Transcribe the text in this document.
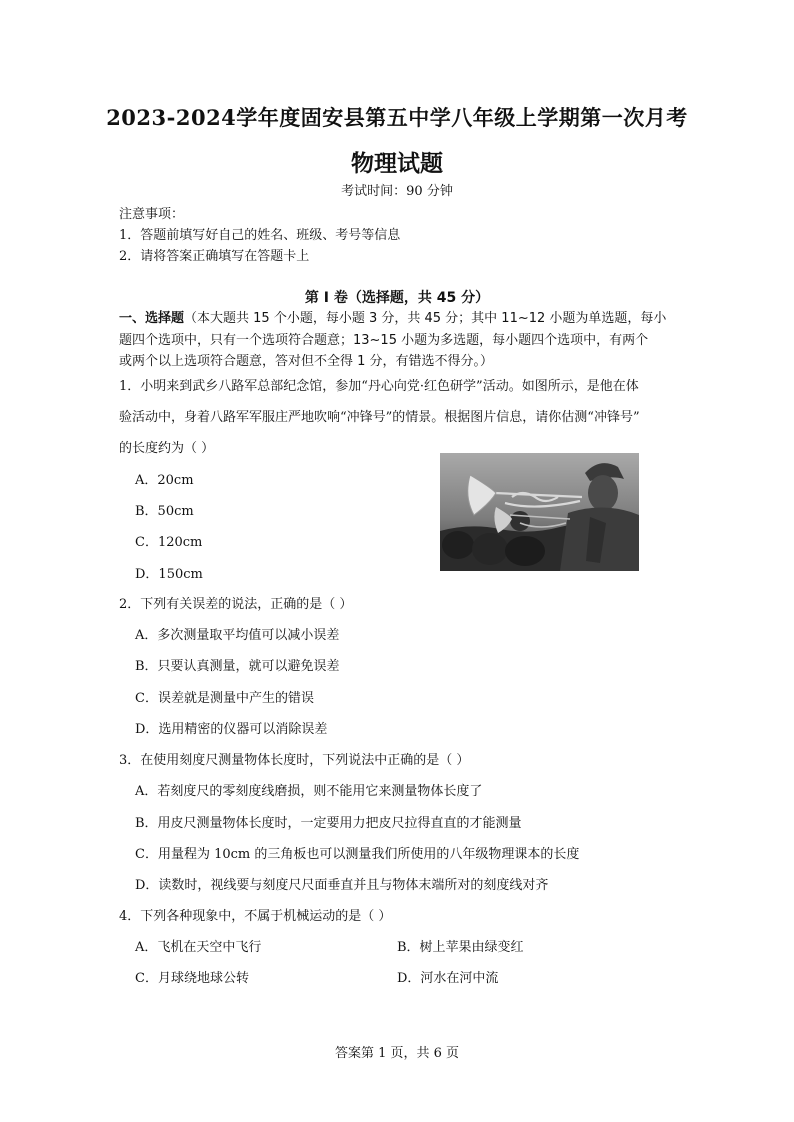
2023-2024学年度固安县第五中学八年级上学期第一次月考
物理试题
考试时间：90 分钟
注意事项：
1．答题前填写好自己的姓名、班级、考号等信息
2．请将答案正确填写在答题卡上
第 I 卷（选择题，共 45 分）
一、选择题（本大题共 15 个小题，每小题 3 分，共 45 分；其中 11~12 小题为单选题，每小
题四个选项中，只有一个选项符合题意；13~15 小题为多选题，每小题四个选项中，有两个
或两个以上选项符合题意，答对但不全得 1 分，有错选不得分。）
1．小明来到武乡八路军总部纪念馆，参加“丹心向党·红色研学”活动。如图所示，是他在体
验活动中，身着八路军军服庄严地吹响“冲锋号”的情景。根据图片信息，请你估测“冲锋号”
的长度约为（ ）
A．20cm
B．50cm
C．120cm
D．150cm
2．下列有关误差的说法，正确的是（ ）
A．多次测量取平均值可以减小误差
B．只要认真测量，就可以避免误差
C．误差就是测量中产生的错误
D．选用精密的仪器可以消除误差
3．在使用刻度尺测量物体长度时，下列说法中正确的是（ ）
A．若刻度尺的零刻度线磨损，则不能用它来测量物体长度了
B．用皮尺测量物体长度时，一定要用力把皮尺拉得直直的才能测量
C．用量程为 10cm 的三角板也可以测量我们所使用的八年级物理课本的长度
D．读数时，视线要与刻度尺尺面垂直并且与物体末端所对的刻度线对齐
4．下列各种现象中，不属于机械运动的是（ ）
A．飞机在天空中飞行	B．树上苹果由绿变红
C．月球绕地球公转	D．河水在河中流
答案第 1 页，共 6 页
